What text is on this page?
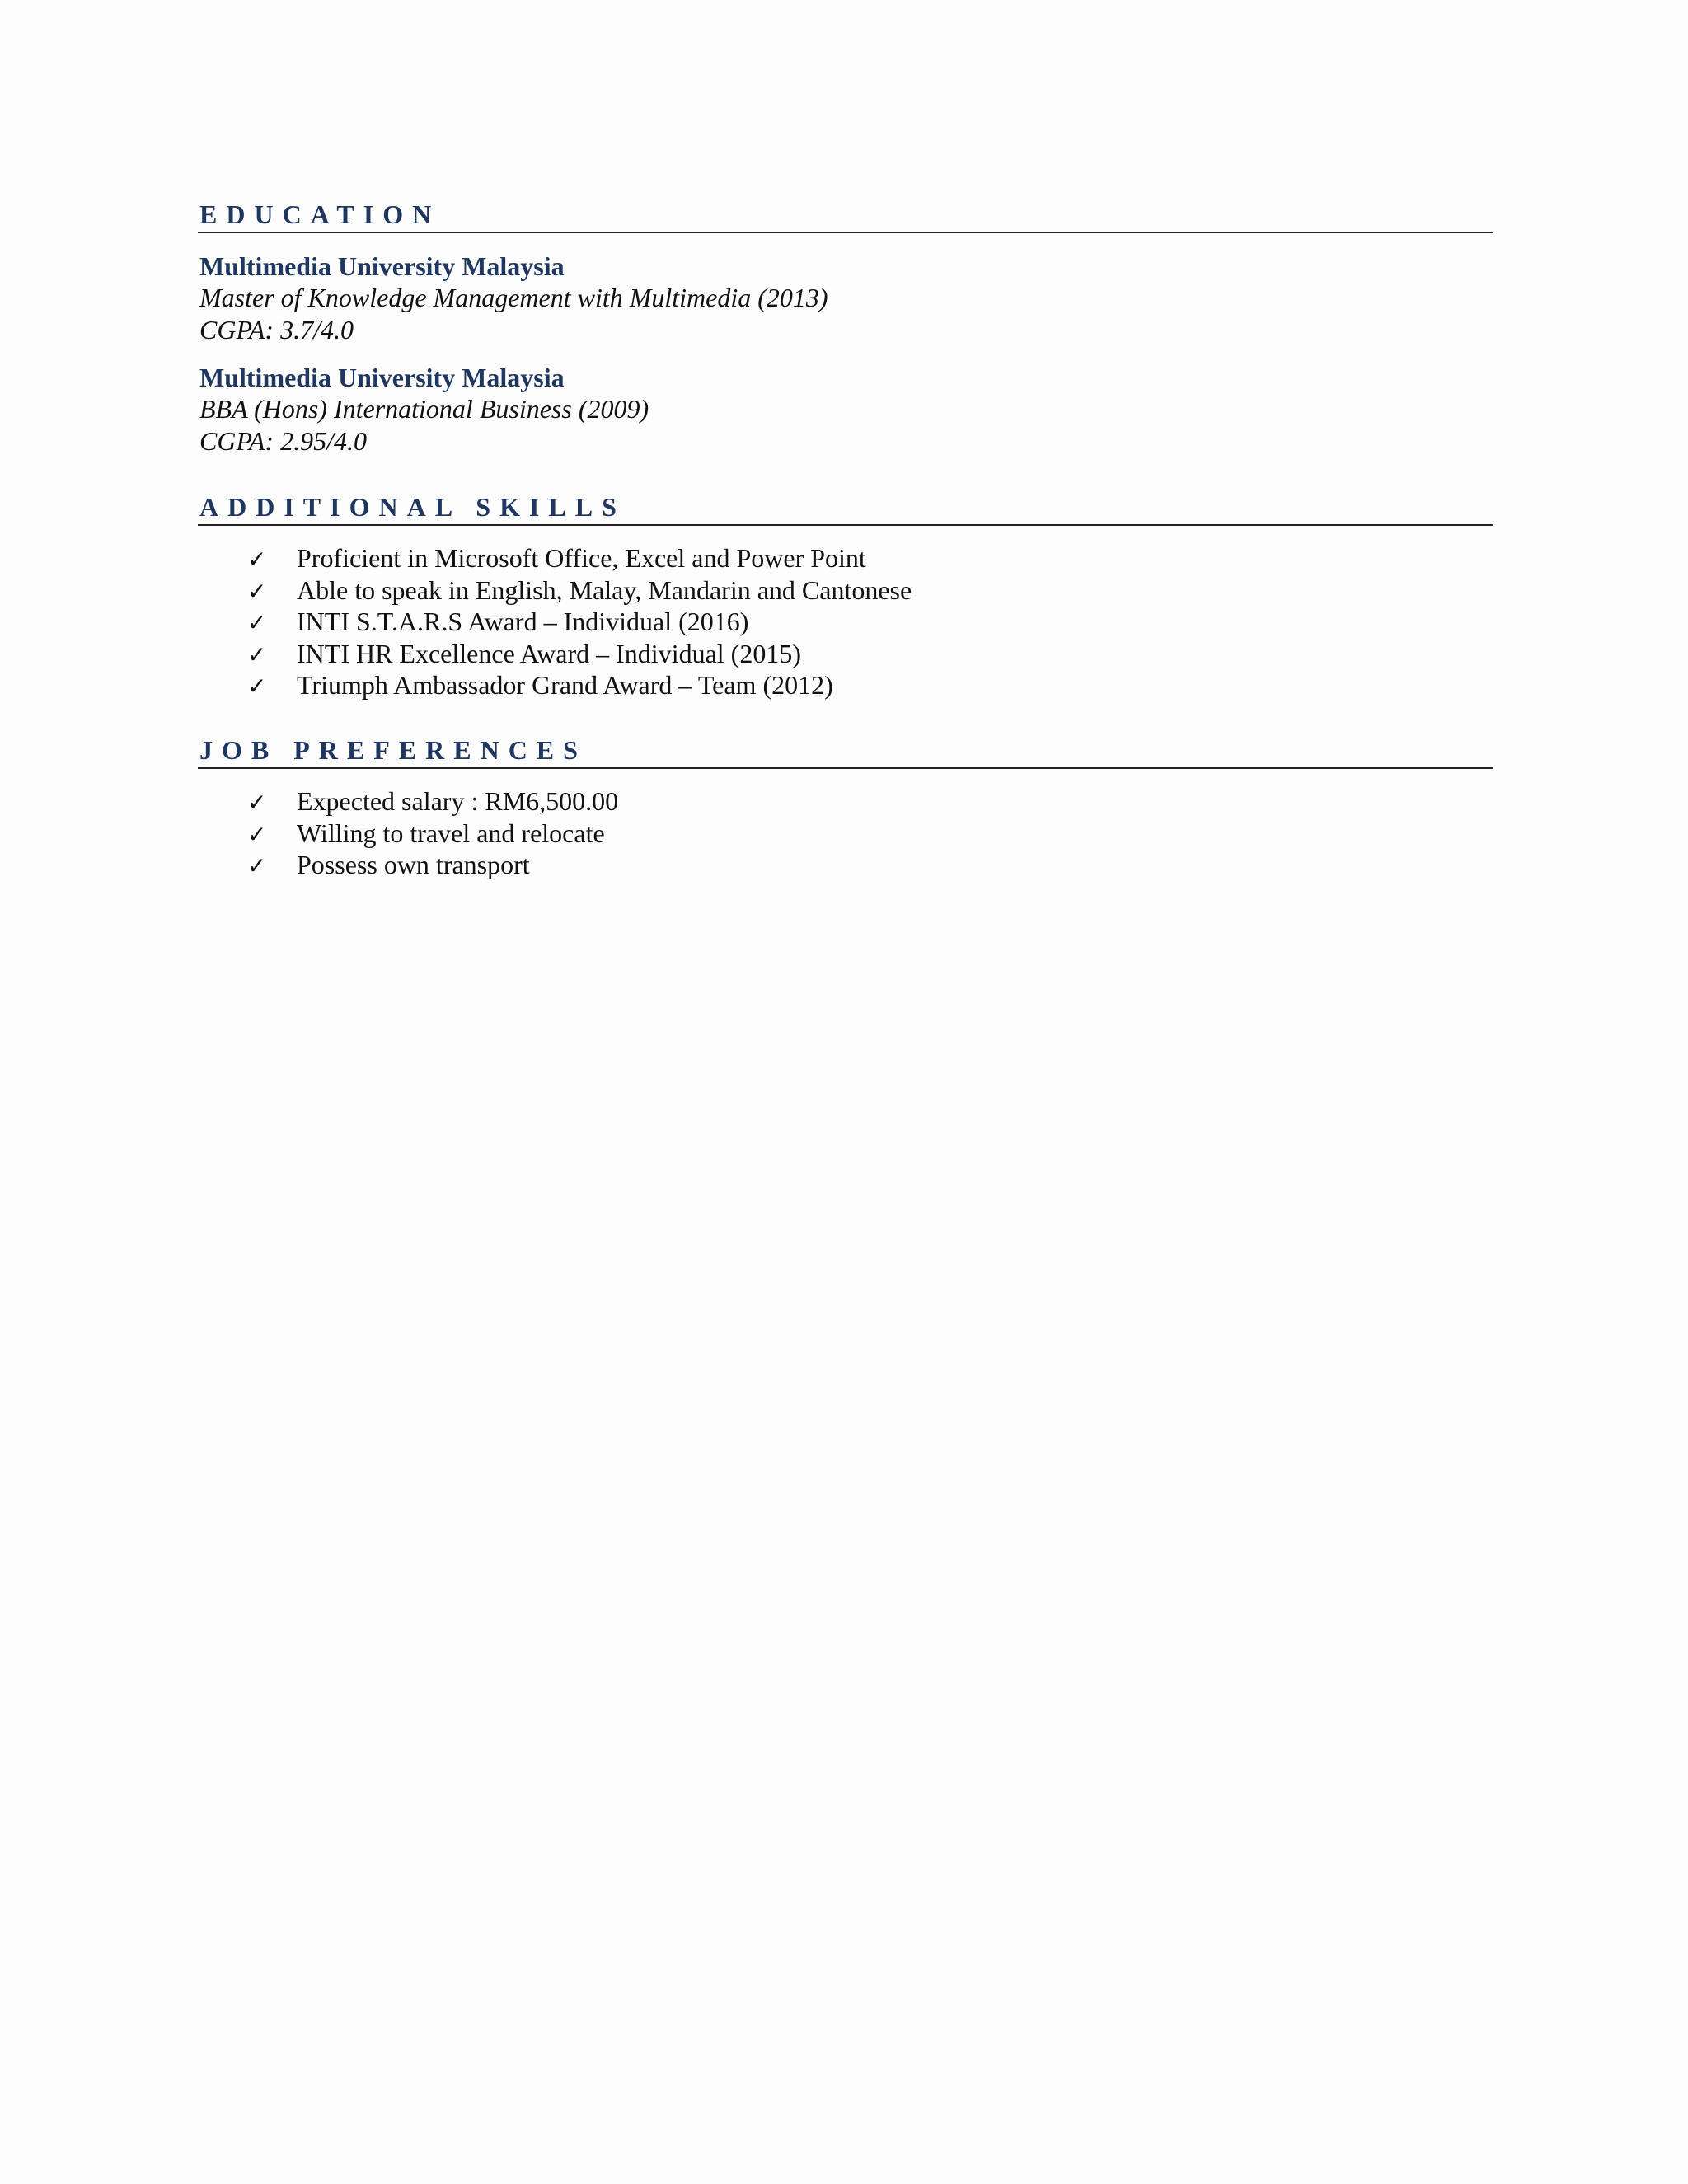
EDUCATION
Multimedia University Malaysia
Master of Knowledge Management with Multimedia (2013)
CGPA: 3.7/4.0
Multimedia University Malaysia
BBA (Hons) International Business (2009)
CGPA: 2.95/4.0
ADDITIONAL SKILLS
✓	Proficient in Microsoft Office, Excel and Power Point
✓	Able to speak in English, Malay, Mandarin and Cantonese
✓	INTI S.T.A.R.S Award – Individual (2016)
✓	INTI HR Excellence Award – Individual (2015)
✓	Triumph Ambassador Grand Award – Team (2012)
JOB PREFERENCES
✓	Expected salary : RM6,500.00
✓	Willing to travel and relocate
✓	Possess own transport
